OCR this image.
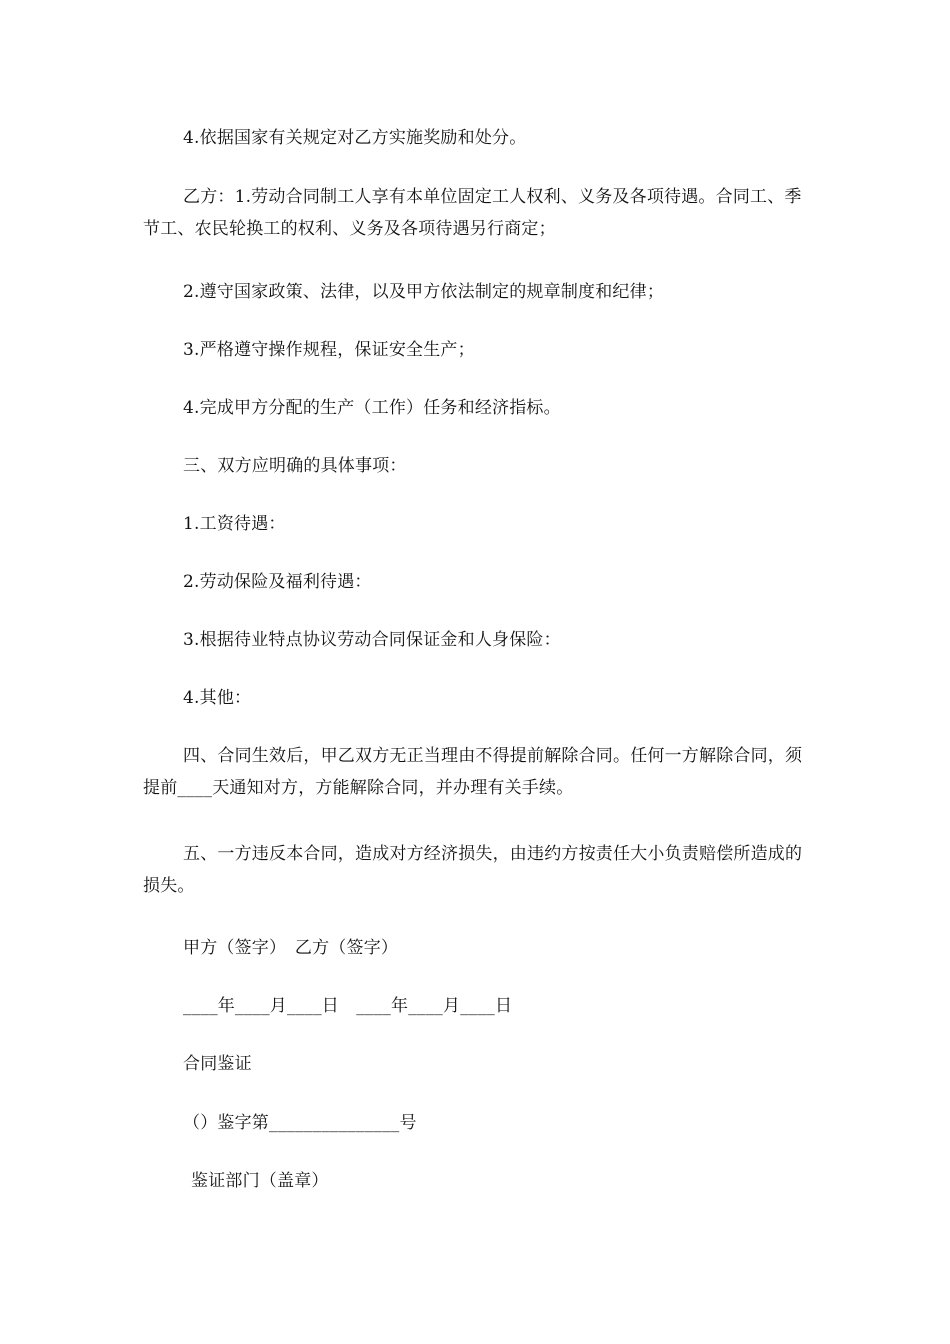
4.依据国家有关规定对乙方实施奖励和处分。

乙方：1.劳动合同制工人享有本单位固定工人权利、义务及各项待遇。合同工、季节工、农民轮换工的权利、义务及各项待遇另行商定；

2.遵守国家政策、法律，以及甲方依法制定的规章制度和纪律；

3.严格遵守操作规程，保证安全生产；

4.完成甲方分配的生产（工作）任务和经济指标。

三、双方应明确的具体事项：

1.工资待遇：

2.劳动保险及福利待遇：

3.根据待业特点协议劳动合同保证金和人身保险：

4.其他：

四、合同生效后，甲乙双方无正当理由不得提前解除合同。任何一方解除合同，须提前____天通知对方，方能解除合同，并办理有关手续。

五、一方违反本合同，造成对方经济损失，由违约方按责任大小负责赔偿所造成的损失。

甲方（签字）　乙方（签字）

____年____月____日　____年____月____日

合同鉴证

（）鉴字第_______________号

鉴证部门（盖章）
